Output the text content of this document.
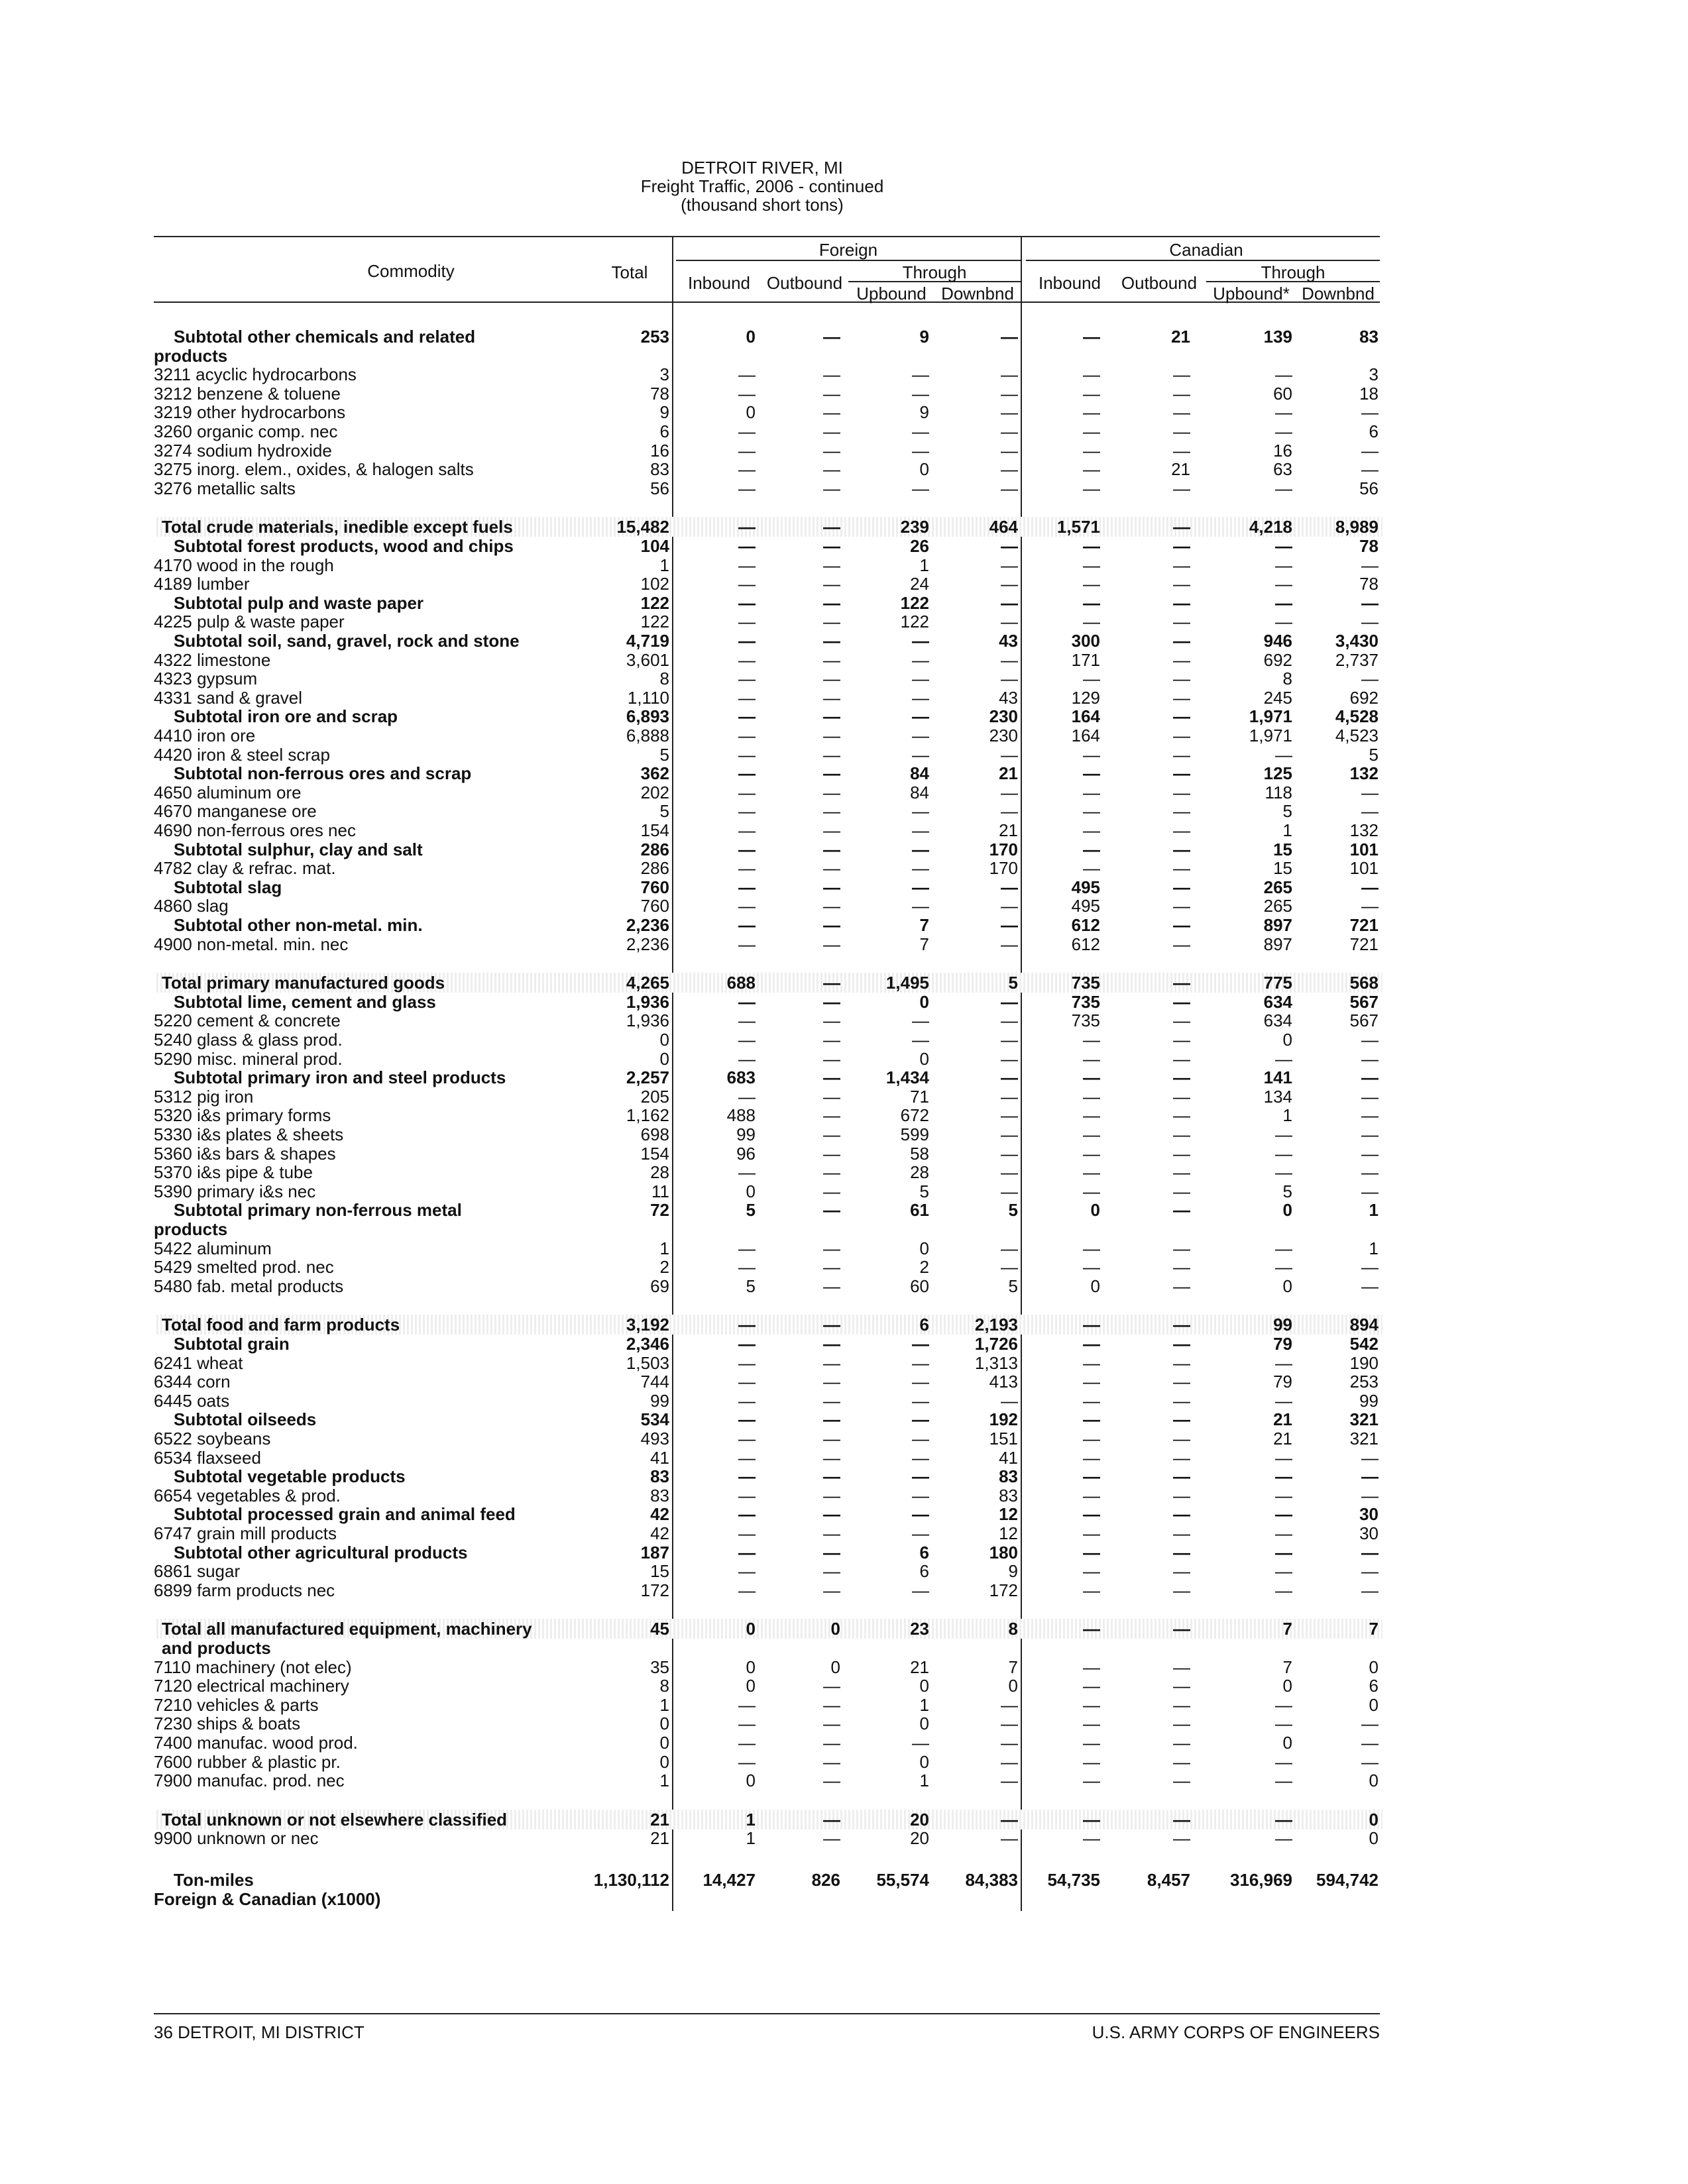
DETROIT RIVER, MI
Freight Traffic, 2006 - continued
(thousand short tons)
Commodity	Total
Foreign	Canadian
Inbound Outbound
Through
Upbound Downbnd
Inbound	Outbound
Through
Upbound* Downbnd
Subtotal other chemicals and related	253	0	—	9	—	—	21	139	83
products
3211 acyclic hydrocarbons	3	—	—	—	—	—	—	—	3
3212 benzene & toluene	78	—	—	—	—	—	—	60	18
3219 other hydrocarbons	9	0	—	9	—	—	—	—	—
3260 organic comp. nec	6	—	—	—	—	—	—	—	6
3274 sodium hydroxide	16	—	—	—	—	—	—	16	—
3275 inorg. elem., oxides, & halogen salts	83	—	—	0	—	—	21	63	—
3276 metallic salts	56	—	—	—	—	—	—	—	56
Total crude materials, inedible except fuels	15,482	—	—	239	464 1,571	—	4,218 8,989
Subtotal forest products, wood and chips	104	—	—	26	—	—	—	—	78
4170 wood in the rough	1	—	—	1	—	—	—	—	—
4189 lumber	102	—	—	24	—	—	—	—	78
Subtotal pulp and waste paper	122	—	—	122	—	—	—	—	—
4225 pulp & waste paper	122	—	—	122	—	—	—	—	—
Subtotal soil, sand, gravel, rock and stone	4,719	—	—	—	43	300	—	946 3,430
4322 limestone	3,601	—	—	—	—	171	—	692 2,737
4323 gypsum	8	—	—	—	—	—	—	8	—
4331 sand & gravel	1,110	—	—	—	43	129	—	245	692
Subtotal iron ore and scrap	6,893	—	—	—	230	164	—	1,971 4,528
4410 iron ore	6,888	—	—	—	230	164	—	1,971 4,523
4420 iron & steel scrap	5	—	—	—	—	—	—	—	5
Subtotal non-ferrous ores and scrap	362	—	—	84	21	—	—	125	132
4650 aluminum ore	202	—	—	84	—	—	—	118	—
4670 manganese ore	5	—	—	—	—	—	—	5	—
4690 non-ferrous ores nec	154	—	—	—	21	—	—	1	132
Subtotal sulphur, clay and salt	286	—	—	—	170	—	—	15	101
4782 clay & refrac. mat.	286	—	—	—	170	—	—	15	101
Subtotal slag	760	—	—	—	—	495	—	265	—
4860 slag	760	—	—	—	—	495	—	265	—
Subtotal other non-metal. min.	2,236	—	—	7	—	612	—	897	721
4900 non-metal. min. nec	2,236	—	—	7	—	612	—	897	721
Total primary manufactured goods	4,265	688	—	1,495	5	735	—	775	568
Subtotal lime, cement and glass	1,936	—	—	0	—	735	—	634	567
5220 cement & concrete	1,936	—	—	—	—	735	—	634	567
5240 glass & glass prod.	0	—	—	—	—	—	—	0	—
5290 misc. mineral prod.	0	—	—	0	—	—	—	—	—
Subtotal primary iron and steel products	2,257	683	—	1,434	—	—	—	141	—
5312 pig iron	205	—	—	71	—	—	—	134	—
5320 i&s primary forms	1,162	488	—	672	—	—	—	1	—
5330 i&s plates & sheets	698	99	—	599	—	—	—	—	—
5360 i&s bars & shapes	154	96	—	58	—	—	—	—	—
5370 i&s pipe & tube	28	—	—	28	—	—	—	—	—
5390 primary i&s nec	11	0	—	5	—	—	—	5	—
Subtotal primary non-ferrous metal	72	5	—	61	5	0	—	0	1
products
5422 aluminum	1	—	—	0	—	—	—	—	1
5429 smelted prod. nec	2	—	—	2	—	—	—	—	—
5480 fab. metal products	69	5	—	60	5	0	—	0	—
Total food and farm products	3,192	—	—	6	2,193	—	—	99	894
Subtotal grain	2,346	—	—	—	1,726	—	—	79	542
6241 wheat	1,503	—	—	—	1,313	—	—	—	190
6344 corn	744	—	—	—	413	—	—	79	253
6445 oats	99	—	—	—	—	—	—	—	99
Subtotal oilseeds	534	—	—	—	192	—	—	21	321
6522 soybeans	493	—	—	—	151	—	—	21	321
6534 flaxseed	41	—	—	—	41	—	—	—	—
Subtotal vegetable products	83	—	—	—	83	—	—	—	—
6654 vegetables & prod.	83	—	—	—	83	—	—	—	—
Subtotal processed grain and animal feed	42	—	—	—	12	—	—	—	30
6747 grain mill products	42	—	—	—	12	—	—	—	30
Subtotal other agricultural products	187	—	—	6	180	—	—	—	—
6861 sugar	15	—	—	6	9	—	—	—	—
6899 farm products nec	172	—	—	—	172	—	—	—	—
Total all manufactured equipment, machinery	45	0	0	23	8	—	—	7	7
and products
7110 machinery (not elec)	35	0	0	21	7	—	—	7	0
7120 electrical machinery	8	0	—	0	0	—	—	0	6
7210 vehicles & parts	1	—	—	1	—	—	—	—	0
7230 ships & boats	0	—	—	0	—	—	—	—	—
7400 manufac. wood prod.	0	—	—	—	—	—	—	0	—
7600 rubber & plastic pr.	0	—	—	0	—	—	—	—	—
7900 manufac. prod. nec	1	0	—	1	—	—	—	—	0
Total unknown or not elsewhere classified	21	1	—	20	—	—	—	—	0
9900 unknown or nec	21	1	—	20	—	—	—	—	0
Ton-miles	1,130,112 14,427	826 55,574 84,383 54,735	8,457 316,969 594,742
Foreign & Canadian (x1000)
36 DETROIT, MI DISTRICT	U.S. ARMY CORPS OF ENGINEERS
